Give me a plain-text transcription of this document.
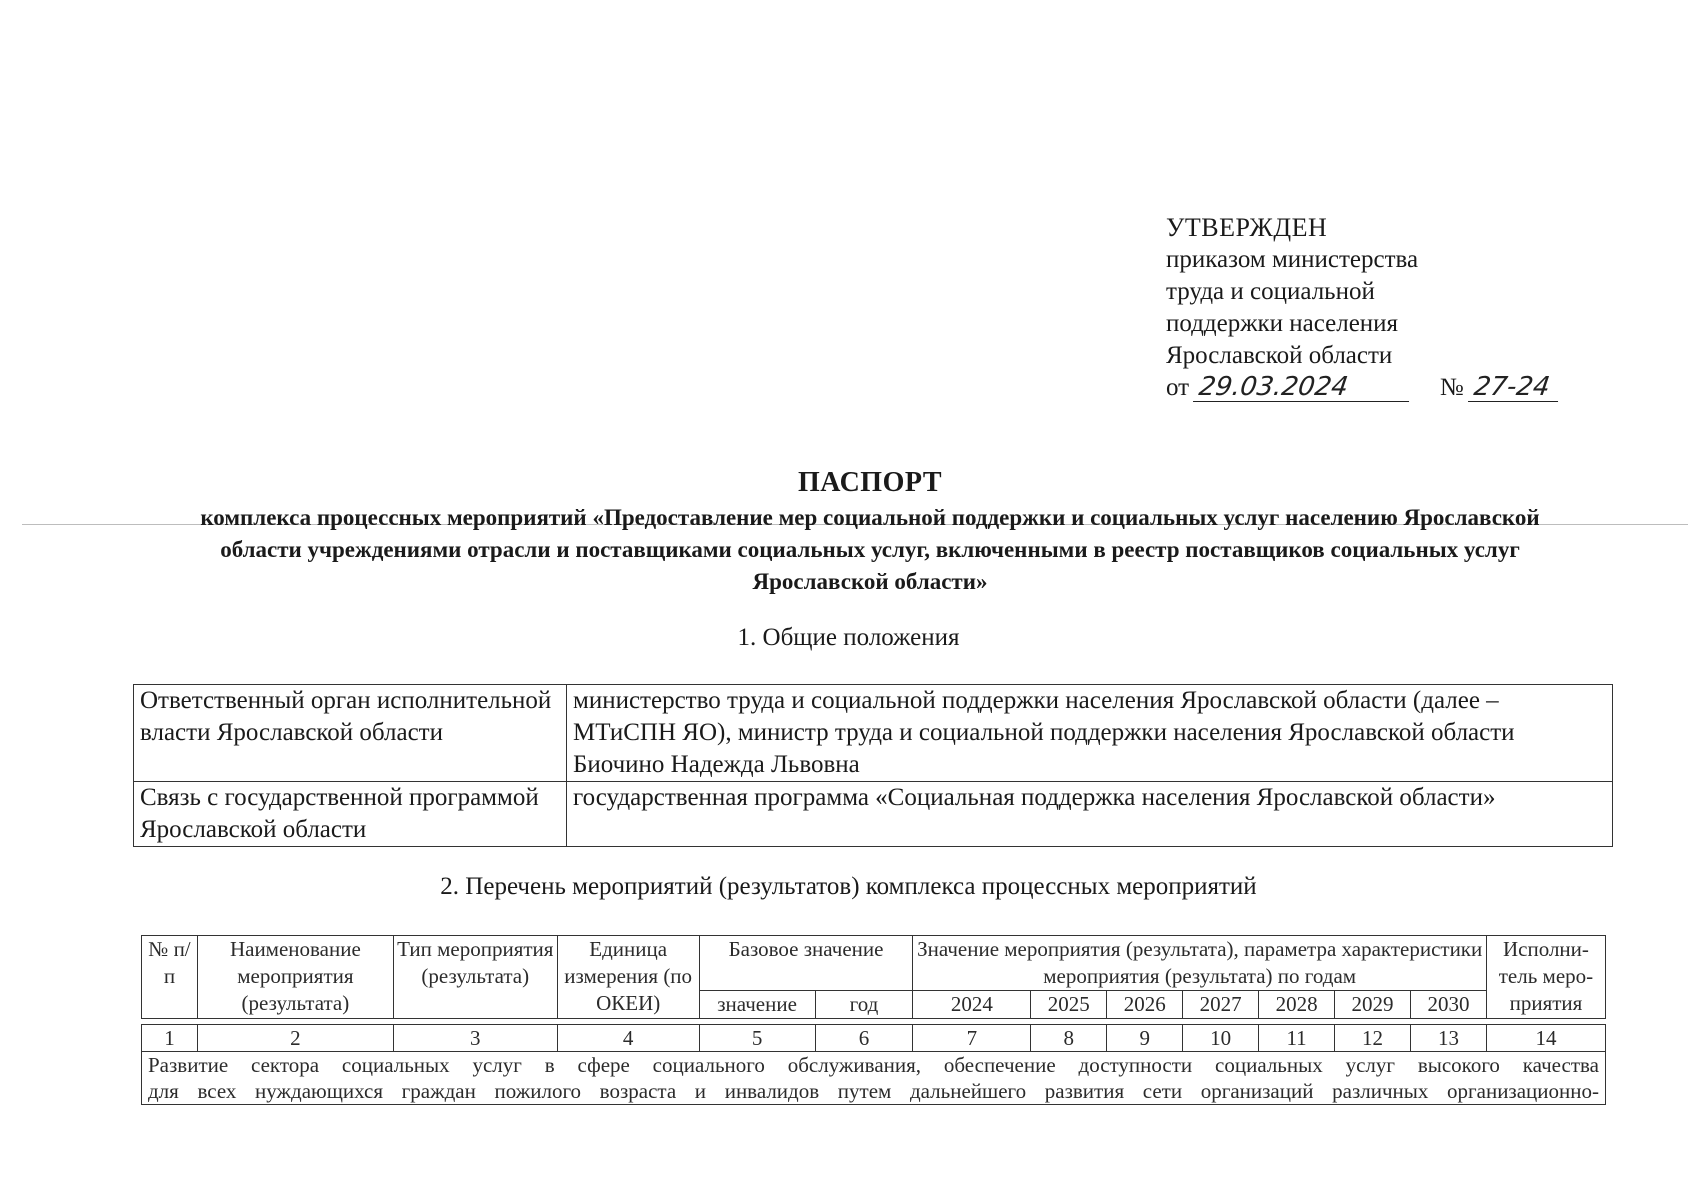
УТВЕРЖДЕН
приказом министерства
труда и социальной
поддержки населения
Ярославской области
от 29.03.2024	№ 27-24
ПАСПОРТ
комплекса процессных мероприятий «Предоставление мер социальной поддержки и социальных услуг населению Ярославской области учреждениями отрасли и поставщиками социальных услуг, включенными в реестр поставщиков социальных услуг Ярославской области»
1. Общие положения
Ответственный орган исполнительной власти Ярославской области	министерство труда и социальной поддержки населения Ярославской области (далее – МТиСПН ЯО), министр труда и социальной поддержки населения Ярославской области Биочино Надежда Львовна
Связь с государственной программой Ярославской области	государственная программа «Социальная поддержка населения Ярославской области»
2. Перечень мероприятий (результатов) комплекса процессных мероприятий
№ п/п	Наименование мероприятия (результата)	Тип мероприятия (результата)	Единица измерения (по ОКЕИ)	Базовое значение		Значение мероприятия (результата), параметра характеристики мероприятия (результата) по годам							Исполни-тель меро-приятия
				значение	год	2024	2025	2026	2027	2028	2029	2030	

1	2	3	4	5	6	7	8	9	10	11	12	13	14

Развитие сектора социальных услуг в сфере социального обслуживания, обеспечение доступности социальных услуг высокого качества
для всех нуждающихся граждан пожилого возраста и инвалидов путем дальнейшего развития сети организаций различных организационно-													
